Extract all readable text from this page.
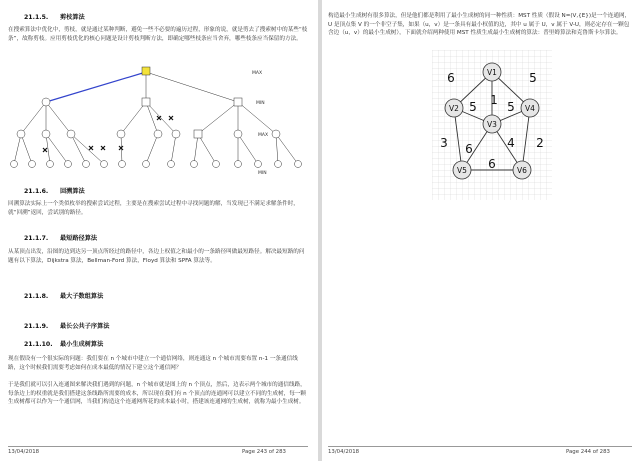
21.1.5. 剪枝算法
在搜索算法中优化中，剪枝，就是通过某种判断，避免一些不必要的遍历过程，形象的说，就是剪去了搜索树中的某些“枝条”，故称剪枝。应用剪枝优化的核心问题是设计剪枝判断方法，即确定哪些枝条应当舍弃，哪些枝条应当保留的方法。
MAX
MIN
MAX
MIN
21.1.6. 回溯算法
回溯算法实际上一个类似枚举的搜索尝试过程，主要是在搜索尝试过程中寻找问题的解，当发现已不满足求解条件时，就“回溯”返回，尝试别的路径。
21.1.7. 最短路径算法
从某顶点出发，沿图的边到达另一顶点所经过的路径中，各边上权值之和最小的一条路径叫做最短路径。解决最短路的问题有以下算法，Dijkstra 算法，Bellman-Ford 算法，Floyd 算法和 SPFA 算法等。
21.1.8. 最大子数组算法
21.1.9. 最长公共子序算法
21.1.10. 最小生成树算法
现在假设有一个很实际的问题：我们要在 n 个城市中建立一个通信网络，则连通这 n 个城市需要布置 n-1 一条通信线路，这个时候我们需要考虑如何在成本最低的情况下建立这个通信网？
于是我们就可以引入连通图来解决我们遇到的问题，n 个城市就是图上的 n 个顶点，然后，边表示两个城市的通信线路，每条边上的权重就是我们搭建这条线路所需要的成本，所以现在我们有 n 个顶点的连通网可以建立不同的生成树，每一颗生成树都可以作为一个通信网，当我们构造这个连通网所花的成本最小时，搭建该连通网的生成树，就称为最小生成树。
13/04/2018	Page 243 of 283
构造最小生成树有很多算法，但是他们都是利用了最小生成树的同一种性质：MST 性质（假设 N=(V,{E})是一个连通网，U 是顶点集 V 的一个非空子集，如果（u，v）是一条具有最小权值的边，其中 u 属于 U，v 属于 V-U，则必定存在一颗包含边（u，v）的最小生成树），下面就介绍两种使用 MST 性质生成最小生成树的算法：普里姆算法和克鲁斯卡尔算法。
6	5
1
5	5
3 6	4 2
6
V1
V2
V3
V4
V5	V6
13/04/2018	Page 244 of 283
